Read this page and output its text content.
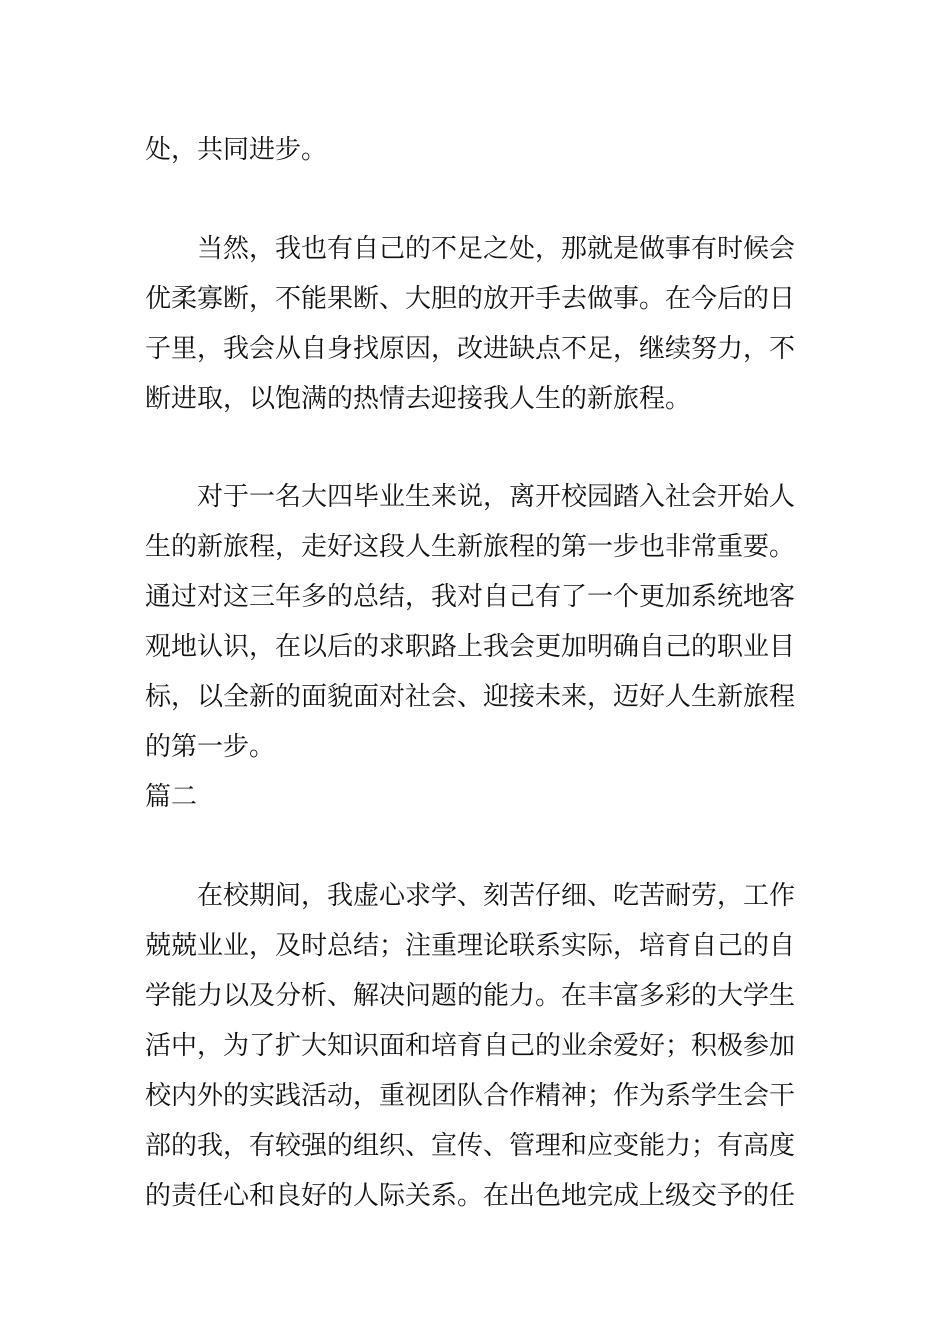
处，共同进步。
　　当然，我也有自己的不足之处，那就是做事有时候会
优柔寡断，不能果断、大胆的放开手去做事。在今后的日
子里，我会从自身找原因，改进缺点不足，继续努力，不
断进取，以饱满的热情去迎接我人生的新旅程。
　　对于一名大四毕业生来说，离开校园踏入社会开始人
生的新旅程，走好这段人生新旅程的第一步也非常重要。
通过对这三年多的总结，我对自己有了一个更加系统地客
观地认识，在以后的求职路上我会更加明确自己的职业目
标，以全新的面貌面对社会、迎接未来，迈好人生新旅程
的第一步。
篇二
　　在校期间，我虚心求学、刻苦仔细、吃苦耐劳，工作
兢兢业业，及时总结；注重理论联系实际，培育自己的自
学能力以及分析、解决问题的能力。在丰富多彩的大学生
活中，为了扩大知识面和培育自己的业余爱好；积极参加
校内外的实践活动，重视团队合作精神；作为系学生会干
部的我，有较强的组织、宣传、管理和应变能力；有高度
的责任心和良好的人际关系。在出色地完成上级交予的任
